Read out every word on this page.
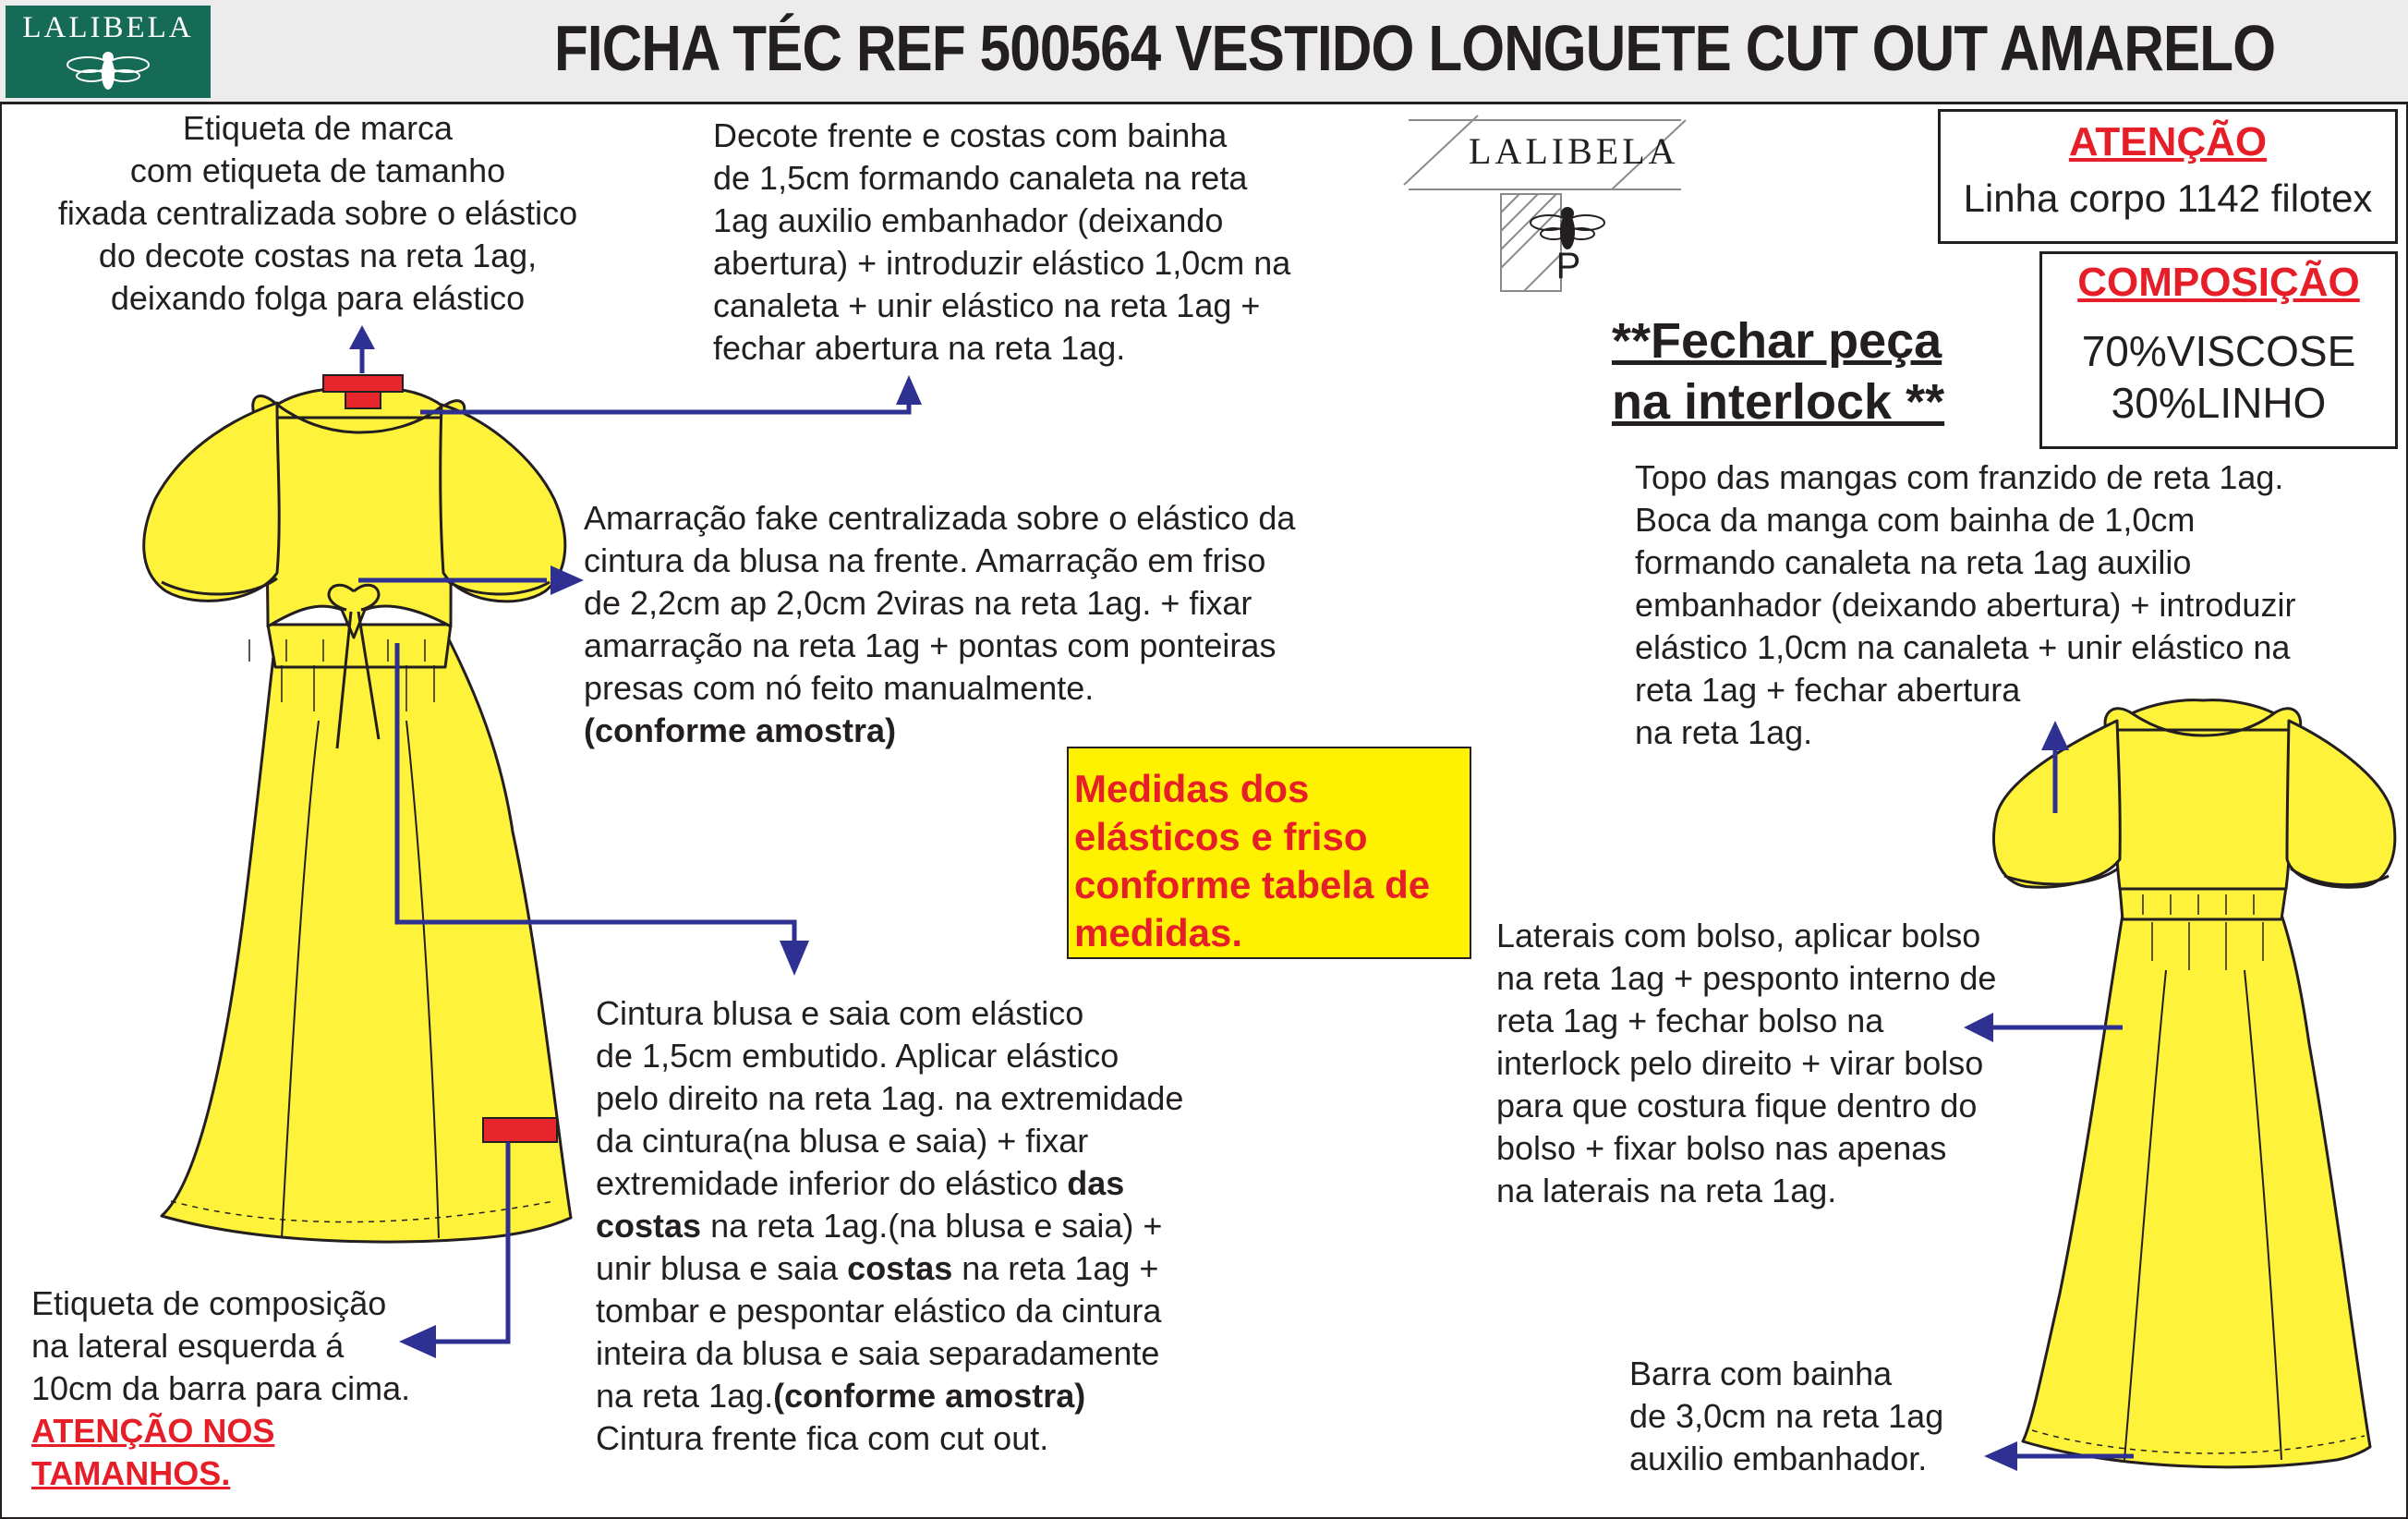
LALIBELA	FICHA TÉC REF 500564 VESTIDO LONGUETE CUT OUT AMARELO
LALIBELA
P
ATENÇÃO
Linha corpo 1142 filotex
COMPOSIÇÃO
70%VISCOSE
30%LINHO
**Fechar peça
na interlock **
Medidas dos
elásticos e friso
conforme tabela de
medidas.
Etiqueta de marca
com etiqueta de tamanho
fixada centralizada sobre o elástico
do decote costas na reta 1ag,
deixando folga para elástico
Decote frente e costas com bainha
de 1,5cm formando canaleta na reta
1ag auxilio embanhador (deixando
abertura) + introduzir elástico 1,0cm na
canaleta + unir elástico na reta 1ag +
fechar abertura na reta 1ag.
Amarração fake centralizada sobre o elástico da
cintura da blusa na frente. Amarração em friso
de 2,2cm ap 2,0cm 2viras na reta 1ag. + fixar
amarração na reta 1ag + pontas com ponteiras
presas com nó feito manualmente.
(conforme amostra)
Topo das mangas com franzido de reta 1ag.
Boca da manga com bainha de 1,0cm
formando canaleta na reta 1ag auxilio
embanhador (deixando abertura) + introduzir
elástico 1,0cm na canaleta + unir elástico na
reta 1ag + fechar abertura
na reta 1ag.
Cintura blusa e saia com elástico
de 1,5cm embutido. Aplicar elástico
pelo direito na reta 1ag. na extremidade
da cintura(na blusa e saia) + fixar
extremidade inferior do elástico das
costas na reta 1ag.(na blusa e saia) +
unir blusa e saia costas na reta 1ag +
tombar e pespontar elástico da cintura
inteira da blusa e saia separadamente
na reta 1ag.(conforme amostra)
Cintura frente fica com cut out.
Etiqueta de composição
na lateral esquerda á
10cm da barra para cima.
ATENÇÃO NOS
TAMANHOS.
Laterais com bolso, aplicar bolso
na reta 1ag + pesponto interno de
reta 1ag + fechar bolso na
interlock pelo direito + virar bolso
para que costura fique dentro do
bolso + fixar bolso nas apenas
na laterais na reta 1ag.
Barra com bainha
de 3,0cm na reta 1ag
auxilio embanhador.
